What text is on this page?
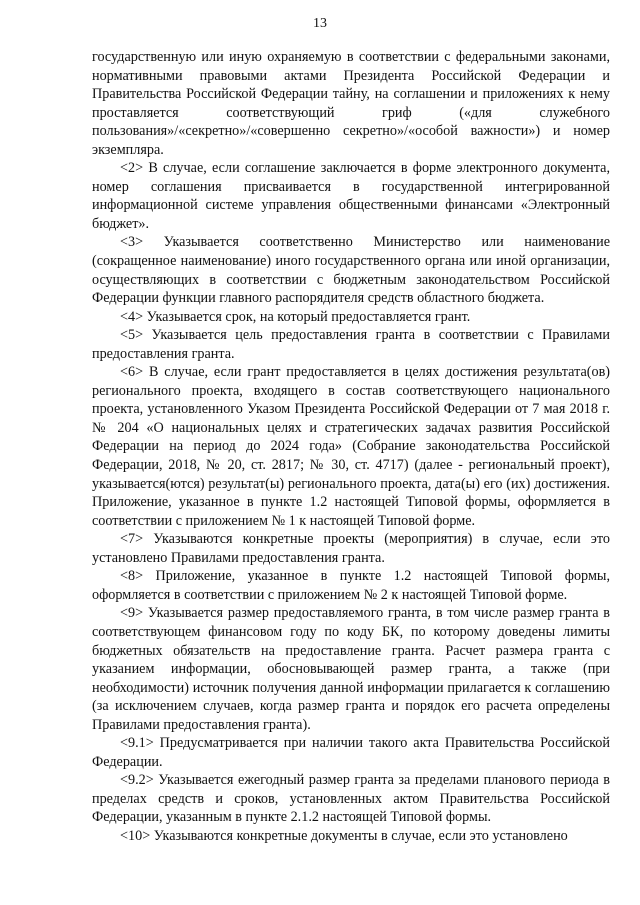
13

государственную или иную охраняемую в соответствии с федеральными законами, нормативными правовыми актами Президента Российской Федерации и Правительства Российской Федерации тайну, на соглашении и приложениях к нему проставляется соответствующий гриф («для служебного пользования»/«секретно»/«совершенно секретно»/«особой важности») и номер экземпляра.

<2> В случае, если соглашение заключается в форме электронного документа, номер соглашения присваивается в государственной интегрированной информационной системе управления общественными финансами «Электронный бюджет».

<3> Указывается соответственно Министерство или наименование (сокращенное наименование) иного государственного органа или иной организации, осуществляющих в соответствии с бюджетным законодательством Российской Федерации функции главного распорядителя средств областного бюджета.

<4> Указывается срок, на который предоставляется грант.

<5> Указывается цель предоставления гранта в соответствии с Правилами предоставления гранта.

<6> В случае, если грант предоставляется в целях достижения результата(ов) регионального проекта, входящего в состав соответствующего национального проекта, установленного Указом Президента Российской Федерации от 7 мая 2018 г. № 204 «О национальных целях и стратегических задачах развития Российской Федерации на период до 2024 года» (Собрание законодательства Российской Федерации, 2018, № 20, ст. 2817; № 30, ст. 4717) (далее - региональный проект), указывается(ются) результат(ы) регионального проекта, дата(ы) его (их) достижения. Приложение, указанное в пункте 1.2 настоящей Типовой формы, оформляется в соответствии с приложением № 1 к настоящей Типовой форме.

<7> Указываются конкретные проекты (мероприятия) в случае, если это установлено Правилами предоставления гранта.

<8> Приложение, указанное в пункте 1.2 настоящей Типовой формы, оформляется в соответствии с приложением № 2 к настоящей Типовой форме.

<9> Указывается размер предоставляемого гранта, в том числе размер гранта в соответствующем финансовом году по коду БК, по которому доведены лимиты бюджетных обязательств на предоставление гранта. Расчет размера гранта с указанием информации, обосновывающей размер гранта, а также (при необходимости) источник получения данной информации прилагается к соглашению (за исключением случаев, когда размер гранта и порядок его расчета определены Правилами предоставления гранта).

<9.1> Предусматривается при наличии такого акта Правительства Российской Федерации.

<9.2> Указывается ежегодный размер гранта за пределами планового периода в пределах средств и сроков, установленных актом Правительства Российской Федерации, указанным в пункте 2.1.2 настоящей Типовой формы.

<10> Указываются конкретные документы в случае, если это установлено
